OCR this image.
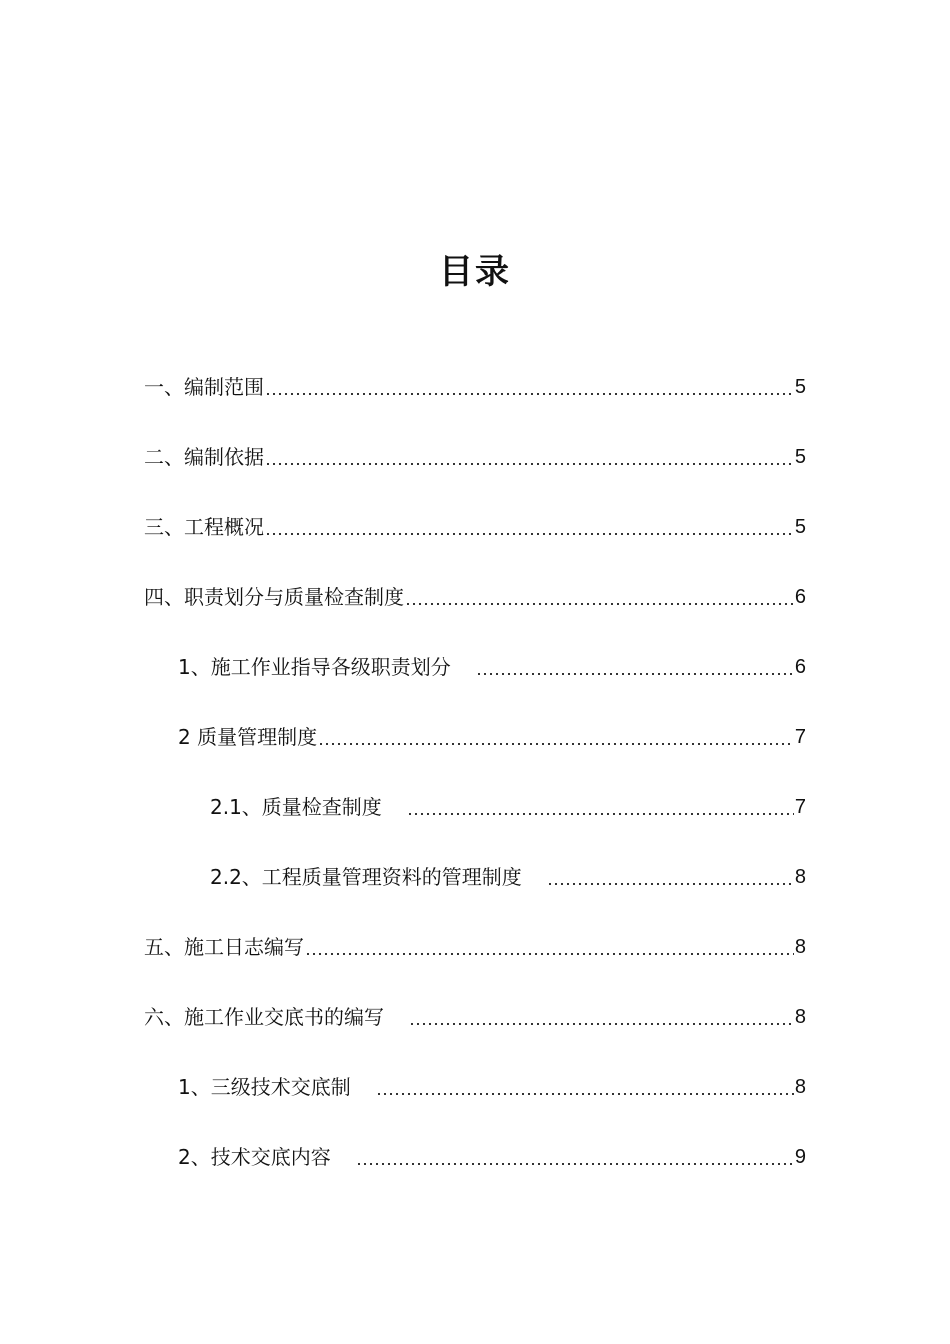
目录
一、编制范围	5
二、编制依据	5
三、工程概况	5
四、职责划分与质量检查制度	6
1、施工作业指导各级职责划分	6
2 质量管理制度	7
2.1、质量检查制度	7
2.2、工程质量管理资料的管理制度	8
五、施工日志编写	8
六、施工作业交底书的编写	8
1、三级技术交底制	8
2、技术交底内容	9
